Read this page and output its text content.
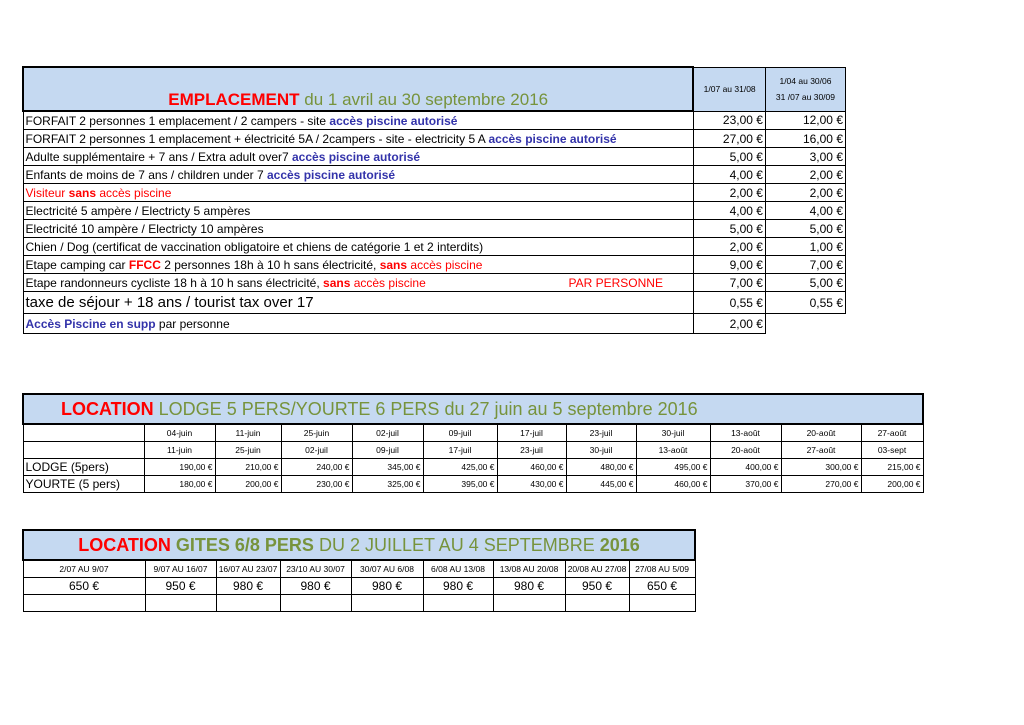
EMPLACEMENT du 1 avril au 30 septembre 2016	1/07 au 31/08	1/04 au 30/06
31 /07 au 30/09

FORFAIT 2 personnes 1 emplacement / 2 campers - site accès piscine autorisé	23,00 €	12,00 €
FORFAIT 2 personnes 1 emplacement + électricité 5A / 2campers - site - electricity 5 A accès piscine autorisé	27,00 €	16,00 €
Adulte supplémentaire + 7 ans / Extra adult over7 accès piscine autorisé	5,00 €	3,00 €
Enfants de moins de 7 ans / children under 7 accès piscine autorisé	4,00 €	2,00 €
Visiteur sans accès piscine	2,00 €	2,00 €
Electricité 5 ampère / Electricty 5 ampères	4,00 €	4,00 €
Electricité 10 ampère / Electricty 10 ampères	5,00 €	5,00 €
Chien / Dog (certificat de vaccination obligatoire et chiens de catégorie 1 et 2 interdits)	2,00 €	1,00 €
Etape camping car FFCC 2 personnes 18h à 10 h sans électricité, sans accès piscine	9,00 €	7,00 €
Etape randonneurs cycliste 18 h à 10 h sans électricité, sans accès piscine PAR PERSONNE	7,00 €	5,00 €
taxe de séjour + 18 ans / tourist tax over 17	0,55 €	0,55 €
Accès Piscine en supp par personne	2,00 €	
LOCATION LODGE 5 PERS/YOURTE 6 PERS du 27 juin au 5 septembre 2016											
	04-juin	11-juin	25-juin	02-juil	09-juil	17-juil	23-juil	30-juil	13-août	20-août	27-août
	11-juin	25-juin	02-juil	09-juil	17-juil	23-juil	30-juil	13-août	20-août	27-août	03-sept
LODGE (5pers)	190,00 €	210,00 €	240,00 €	345,00 €	425,00 €	460,00 €	480,00 €	495,00 €	400,00 €	300,00 €	215,00 €
YOURTE (5 pers)	180,00 €	200,00 €	230,00 €	325,00 €	395,00 €	430,00 €	445,00 €	460,00 €	370,00 €	270,00 €	200,00 €
LOCATION GITES 6/8 PERS DU 2 JUILLET AU 4 SEPTEMBRE 2016								
2/07 AU 9/07	9/07 AU 16/07	16/07 AU 23/07	23/10 AU 30/07	30/07 AU 6/08	6/08 AU 13/08	13/08 AU 20/08	20/08 AU 27/08	27/08 AU 5/09
650 €	950 €	980 €	980 €	980 €	980 €	980 €	950 €	650 €
